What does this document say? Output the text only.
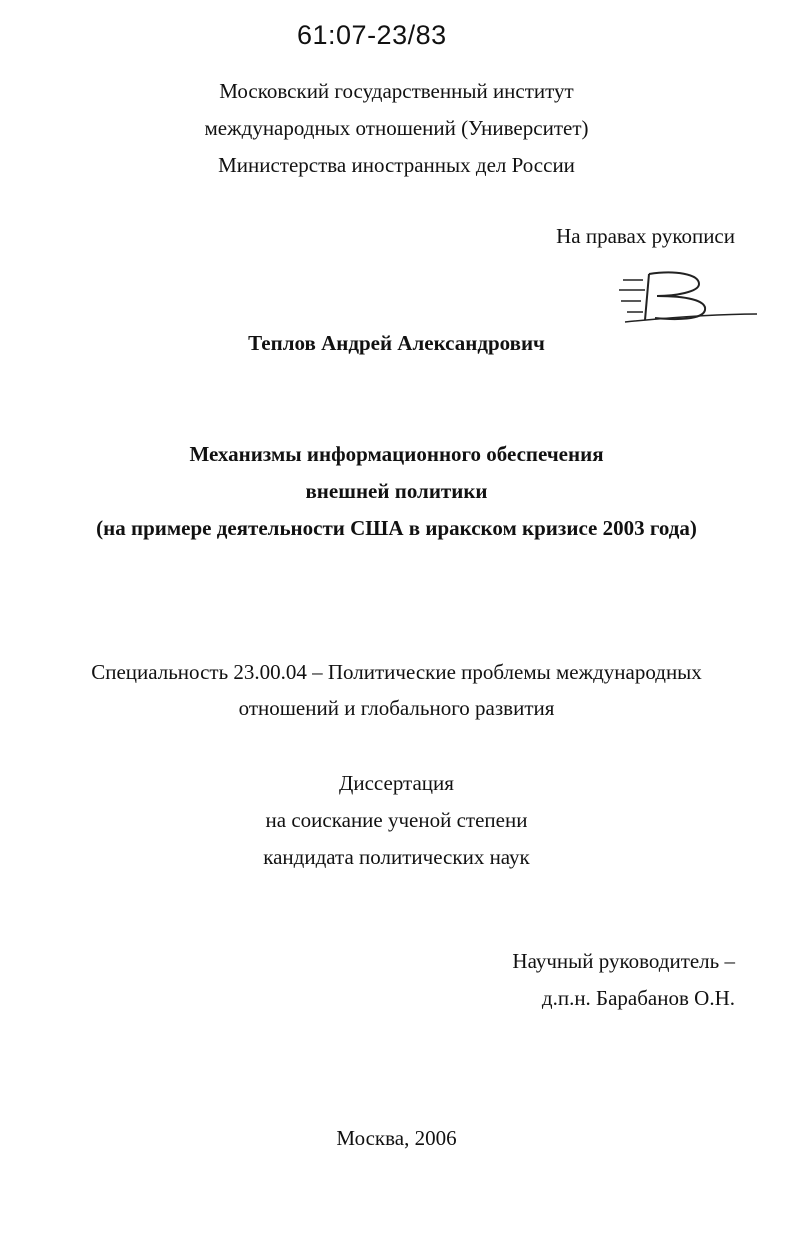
61:07-23/83
Московский государственный институт
международных отношений (Университет)
Министерства иностранных дел России
На правах рукописи
Теплов Андрей Александрович
Механизмы информационного обеспечения
внешней политики
(на примере деятельности США в иракском кризисе 2003 года)
Специальность 23.00.04 – Политические проблемы международных
отношений и глобального развития
Диссертация
на соискание ученой степени
кандидата политических наук
Научный руководитель –
д.п.н. Барабанов О.Н.
Москва, 2006
